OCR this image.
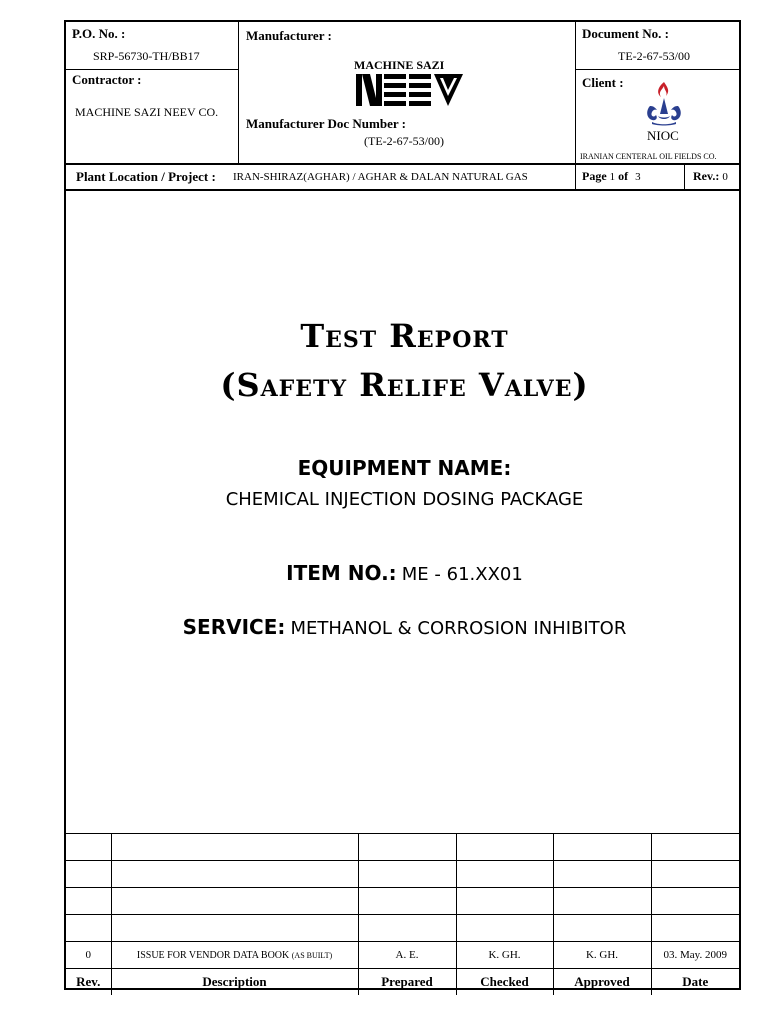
P.O. No. :
SRP-56730-TH/BB17
Contractor :
MACHINE SAZI NEEV CO.
Manufacturer :
MACHINE SAZI
Manufacturer Doc Number :
(TE-2-67-53/00)
Document No. :
TE-2-67-53/00
Client :
NIOC
IRANIAN CENTERAL OIL FIELDS CO.
Plant Location / Project : IRAN-SHIRAZ(AGHAR) / AGHAR & DALAN NATURAL GAS	Page 1 of 3	Rev.: 0
Test Report
(Safety Relife Valve)
EQUIPMENT NAME:
CHEMICAL INJECTION DOSING PACKAGE
ITEM NO.: ME - 61.XX01
SERVICE: METHANOL & CORROSION INHIBITOR

0	ISSUE FOR VENDOR DATA BOOK (AS BUILT)	A. E.	K. GH.	K. GH.	03. May. 2009
Rev.	Description	Prepared	Checked	Approved	Date
